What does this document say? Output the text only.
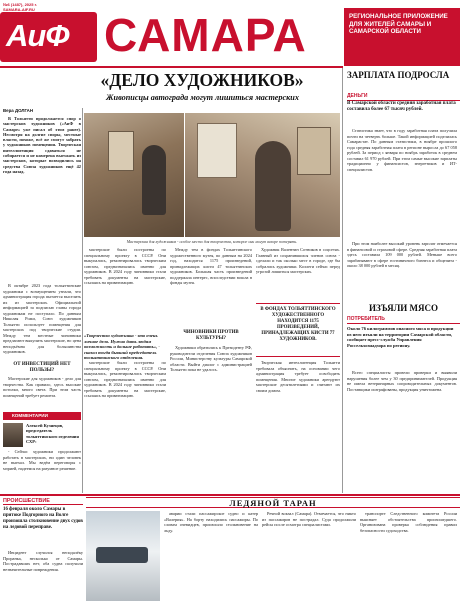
№6 (1487), 2025 г.
SAMARA-AIF.RU
АиФ САМАРА	РЕГИОНАЛЬНОЕ ПРИЛОЖЕНИЕ ДЛЯ ЖИТЕЛЕЙ САМАРЫ И САМАРСКОЙ ОБЛАСТИ
«ДЕЛО ХУДОЖНИКОВ»
Живописцы автограда могут лишиться мастерских
Вера ДОЛГАН

В Тольятти продолжается спор о мастерских художников («АиФ в Самаре» уже писал об этом ранее). Несмотря на долгие споры, местные власти, похоже, всё же смогут забрать у художников помещения. Творческая интеллигенция сдаваться не собирается и не намерена выезжать из мастерских, которые возводились на средства Союза художников ещё 42 года назад.

В октябре 2023 года тольяттинские художники с возмущением узнали, что администрация города пытается выселить их из мастерских. Официальной информацией за подписью главы города художникам не поступало. По данным Николая Рожи, Союз художников Тольятти использует помещения для мастерских под творческие студии. Между тем местные чиновники предлагают выкупить мастерские, но цена неподъёмна для большинства художников.

ОТ ИНВЕСТИЦИЙ НЕТ ПОЛЬЗЫ?

Мастерские для художников - дело для творчества. Как правило, здесь высокие потолки, много света. При этом часть помещений требует ремонта.

КОММЕНТАРИИ
Алексей Кузнецов, председатель тольяттинского отделения СХР:

- Сейчас художники продолжают работать в мастерских, ни один человек не выехал. Мы ведём переговоры с мэрией, надеемся на разумное решение.

Мастерская для художников - особое место для творчества, которое они могут вскоре потерять.

мастерские были построены по специальному проекту в СССР. Они выкупались, ремонтировались творческим союзом, предназначались именно для художников. В 2024 году чиновники стали требовать документы на мастерские, ссылаясь на приватизацию.

«Творчество художника - это очень личное дело. Нужно дать людям возможность и дальше работать», - сказал тогда бывший председатель тольяттинского отделения.

мастерские были построены по специальному проекту в СССР. Они выкупались, ремонтировались творческим союзом, предназначались именно для художников. В 2024 году чиновники стали требовать документы на мастерские, ссылаясь на приватизацию.

Между тем в фондах Тольяттинского художественного музея, по данным на 2024 год, находится 1175 произведений, принадлежащих кисти 47 тольяттинских художников. Большая часть произведений поддержала интерес, впоследствии вошла в фонды музея.

ЧИНОВНИКИ ПРОТИВ КУЛЬТУРЫ?

Художники обратились к Президенту РФ, руководители отделения Союза художников России, Министерству культуры Самарской области. Выйти диалог с администрацией Тольятти пока не удалось.

Художник Валентин Сотников в соцсетях. Главный из сохранившихся членов союза - сделали и так сколько мест в городе, где бы собрались художники. Коллеги сейчас перед угрозой лишиться мастерских.

В ФОНДАХ ТОЛЬЯТТИНСКОГО ХУДОЖЕСТВЕННОГО НАХОДИТСЯ 1175 ПРОИЗВЕДЕНИЙ, ПРИНАДЛЕЖАЩИХ КИСТИ 77 ХУДОЖНИКОВ.

Творческая интеллигенция Тольятти требовала объяснить, на основании чего администрация требует освободить помещения. Многие художники арендуют мастерские десятилетиями и считают их своим домом.

ЗАРПЛАТА ПОДРОСЛА
ДЕНЬГИ
В Самарской области средняя заработная плата составила более 67 тысяч рублей.

Статистика знает, что в году заработная плата получила почти на четверть больше. Такой информацией поделилась Самарастат. По данным статистики, в ноябре прошлого года средняя заработная плата в регионе выросла до 67 058 рублей. За период с января по ноябрь заработок в среднем составил 61 970 рублей. При этом самые высокие зарплаты традиционно у финансистов, энергетиков и ИТ-специалистов.

При этом наиболее высокий уровень зарплат отмечается в финансовой и страховой сфере. Средняя заработная плата здесь составила 109 000 рублей. Меньше всего зарабатывают в сфере гостиничного бизнеса и общепита - около 38 000 рублей в месяц.

ИЗЪЯЛИ МЯСО
ПОТРЕБИТЕЛЬ
Около 76 килограммов опасного мяса и продукции из него изъяли на территории Самарской области, сообщает пресс-служба Управления Россельхознадзора по региону.

Всего специалисты провели проверки и выявили нарушения более чем у 30 предпринимателей. Продукция не имела ветеринарных сопроводительных документов. Поставщики оштрафованы, продукция уничтожена.

ПРОИСШЕСТВИЕ
16 февраля около Самары в притоке Подгорного на Волге произошла столкновение двух судов на ледовой переправе.

Инцидент случился неподалёку Проранка, несколько от Самары. Пострадавших нет, оба судна получили незначительные повреждения.

ЛЕДЯНОЙ ТАРАН

аварии стали пассажирское судно и катер «Валерия». На борту находились пассажиры. По словам очевидцев, произошло столкновение на льду.

Речной вокзал (Самара). Отмечается, что никто из пассажиров не пострадал. Суда продолжили рейсы после осмотра специалистами.

транспорте Следственного комитета России выясняет обстоятельства произошедшего. Организована проверка соблюдения правил безопасности судоходства.
